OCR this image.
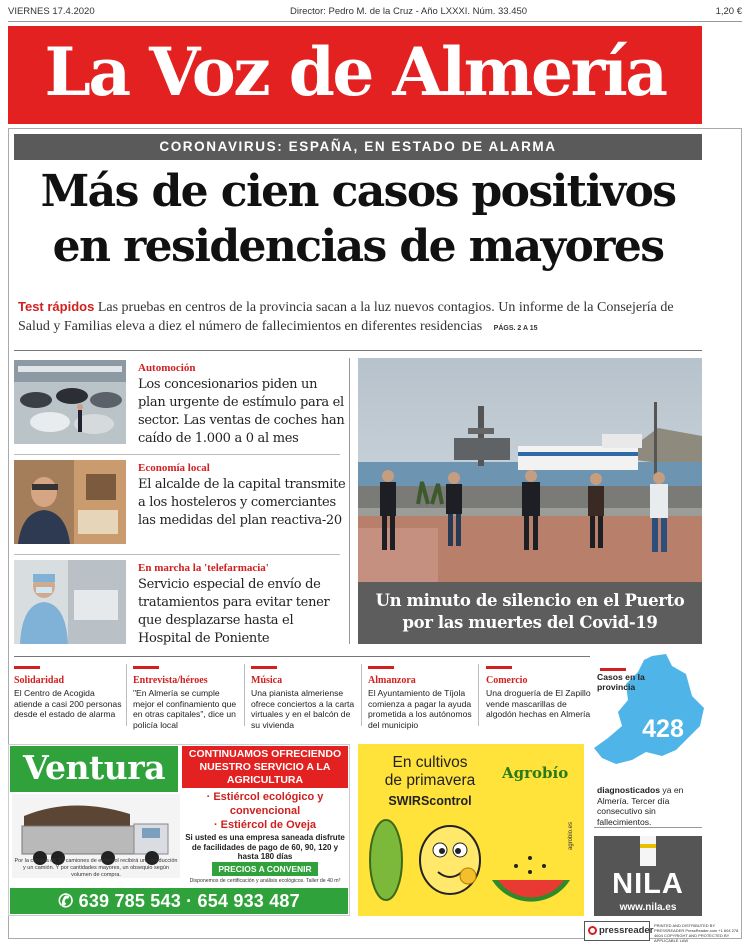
VIERNES 17.4.2020	Director: Pedro M. de la Cruz - Año LXXXI. Núm. 33.450	1,20 €
La Voz de Almería
CORONAVIRUS: ESPAÑA, EN ESTADO DE ALARMA
Más de cien casos positivos
en residencias de mayores
Test rápidos Las pruebas en centros de la provincia sacan a la luz nuevos contagios. Un informe de la Consejería de Salud y Familias eleva a diez el número de fallecimientos en diferentes residencias PÁGS. 2 A 15
Automoción
Los concesionarios piden un plan urgente de estímulo para el sector. Las ventas de coches han caído de 1.000 a 0 al mes
Economía local
El alcalde de la capital transmite a los hosteleros y comerciantes las medidas del plan reactiva-20
En marcha la 'telefarmacia'
Servicio especial de envío de tratamientos para evitar tener que desplazarse hasta el Hospital de Poniente
Un minuto de silencio en el Puerto por las muertes del Covid-19
Solidaridad
El Centro de Acogida atiende a casi 200 personas desde el estado de alarma
Entrevista/héroes
"En Almería se cumple mejor el confinamiento que en otras capitales", dice un policía local
Música
Una pianista almeriense ofrece conciertos a la carta virtuales y en el balcón de su vivienda
Almanzora
El Ayuntamiento de Tíjola comienza a pagar la ayuda prometida a los autónomos del municipio
Comercio
Una droguería de El Zapillo vende mascarillas de algodón hechas en Almería
Casos en la provincia
428
diagnosticados ya en Almería. Tercer día consecutivo sin fallecimientos.
Ventura	CONTINUAMOS OFRECIENDO NUESTRO SERVICIO A LA AGRICULTURA
· Estiércol ecológico y convencional
· Estiércol de Oveja
Si usted es una empresa saneada disfrute de facilidades de pago de 60, 90, 120 y hasta 180 días
PRECIOS A CONVENIR
Disponemos de certificación y análisis ecológicos. Taller de 40 m³
Por la compra de 15 camiones de estiércol recibirá una producción y un camión. Y por cantidades mayores, un obsequio según volumen de compra.
✆ 639 785 543 · 654 933 487
En cultivos
de primavera
SWIRScontrol
Agrobío
agrobio.es
NILA
www.nila.es
pressreader PRINTED AND DISTRIBUTED BY PRESSREADER PressReader.com +1 604 278 4604 COPYRIGHT AND PROTECTED BY APPLICABLE LAW
